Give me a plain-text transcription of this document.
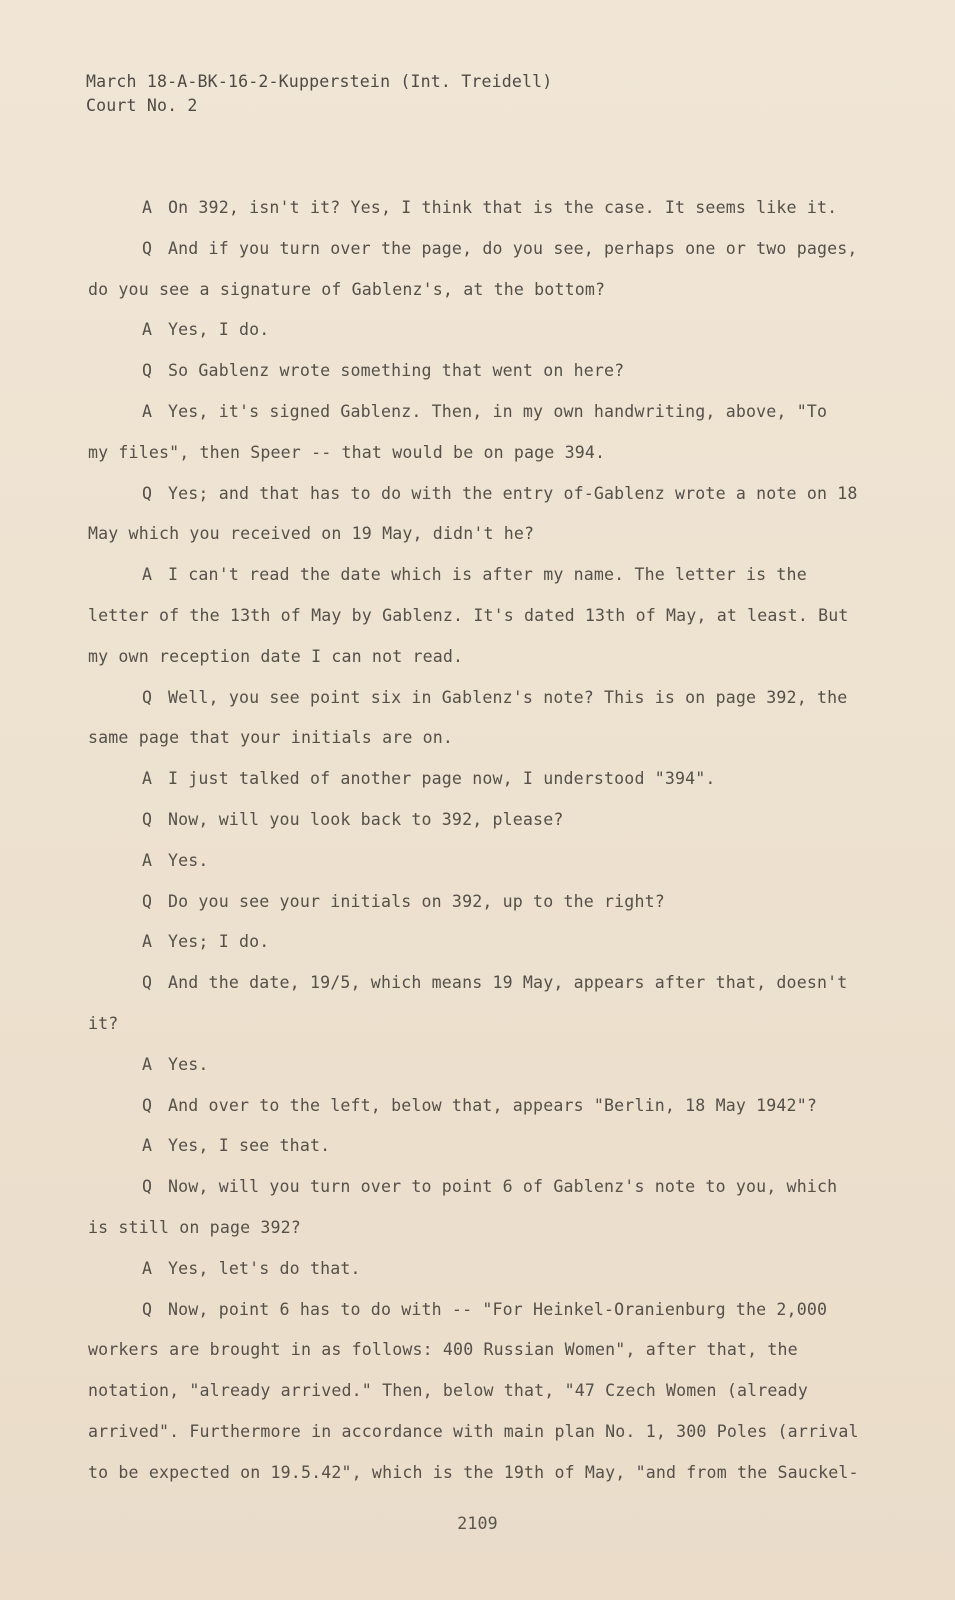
March 18-A-BK-16-2-Kupperstein (Int. Treidell)
Court No. 2
A On 392, isn't it? Yes, I think that is the case. It seems like it.
Q And if you turn over the page, do you see, perhaps one or two pages,
do you see a signature of Gablenz's, at the bottom?
A Yes, I do.
Q So Gablenz wrote something that went on here?
A Yes, it's signed Gablenz. Then, in my own handwriting, above, "To
my files", then Speer -- that would be on page 394.
Q Yes; and that has to do with the entry of-Gablenz wrote a note on 18
May which you received on 19 May, didn't he?
A I can't read the date which is after my name. The letter is the
letter of the 13th of May by Gablenz. It's dated 13th of May, at least. But
my own reception date I can not read.
Q Well, you see point six in Gablenz's note? This is on page 392, the
same page that your initials are on.
A I just talked of another page now, I understood "394".
Q Now, will you look back to 392, please?
A Yes.
Q Do you see your initials on 392, up to the right?
A Yes; I do.
Q And the date, 19/5, which means 19 May, appears after that, doesn't
it?
A Yes.
Q And over to the left, below that, appears "Berlin, 18 May 1942"?
A Yes, I see that.
Q Now, will you turn over to point 6 of Gablenz's note to you, which
is still on page 392?
A Yes, let's do that.
Q Now, point 6 has to do with -- "For Heinkel-Oranienburg the 2,000
workers are brought in as follows: 400 Russian Women", after that, the
notation, "already arrived." Then, below that, "47 Czech Women (already
arrived". Furthermore in accordance with main plan No. 1, 300 Poles (arrival
to be expected on 19.5.42", which is the 19th of May, "and from the Sauckel-
2109
